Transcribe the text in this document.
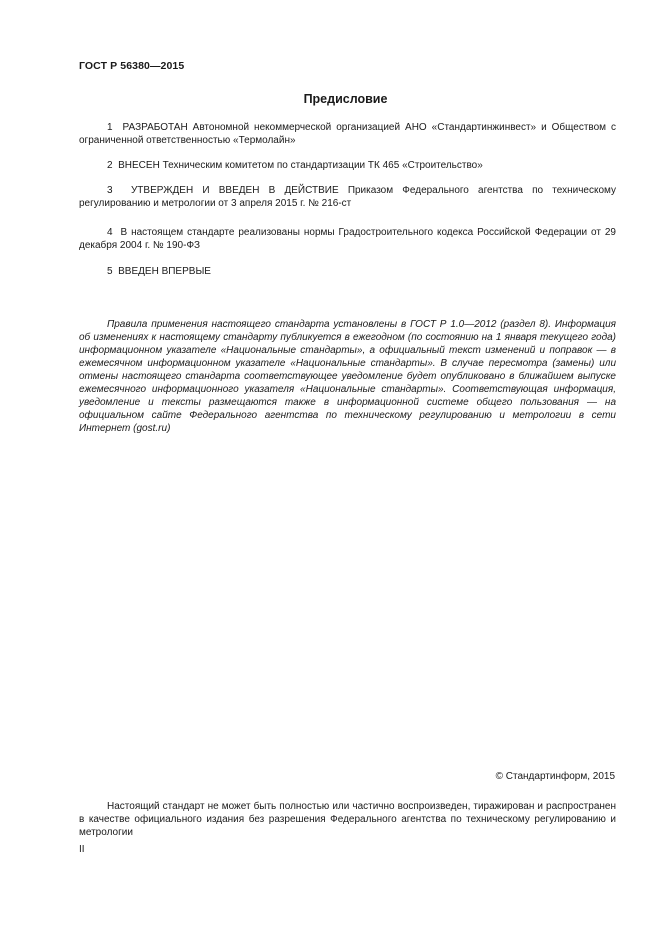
ГОСТ Р 56380—2015
Предисловие
1 РАЗРАБОТАН Автономной некоммерческой организацией АНО «Стандартинжинвест» и Обществом с ограниченной ответственностью «Термолайн»
2 ВНЕСЕН Техническим комитетом по стандартизации ТК 465 «Строительство»
3 УТВЕРЖДЕН И ВВЕДЕН В ДЕЙСТВИЕ Приказом Федерального агентства по техническому регулированию и метрологии от 3 апреля 2015 г. № 216-ст
4 В настоящем стандарте реализованы нормы Градостроительного кодекса Российской Федерации от 29 декабря 2004 г. № 190-ФЗ
5 ВВЕДЕН ВПЕРВЫЕ
Правила применения настоящего стандарта установлены в ГОСТ Р 1.0—2012 (раздел 8). Информация об изменениях к настоящему стандарту публикуется в ежегодном (по состоянию на 1 января текущего года) информационном указателе «Национальные стандарты», а официальный текст изменений и поправок — в ежемесячном информационном указателе «Национальные стандарты». В случае пересмотра (замены) или отмены настоящего стандарта соответствующее уведомление будет опубликовано в ближайшем выпуске ежемесячного информационного указателя «Национальные стандарты». Соответствующая информация, уведомление и тексты размещаются также в информационной системе общего пользования — на официальном сайте Федерального агентства по техническому регулированию и метрологии в сети Интернет (gost.ru)
© Стандартинформ, 2015
Настоящий стандарт не может быть полностью или частично воспроизведен, тиражирован и распространен в качестве официального издания без разрешения Федерального агентства по техническому регулированию и метрологии
II
